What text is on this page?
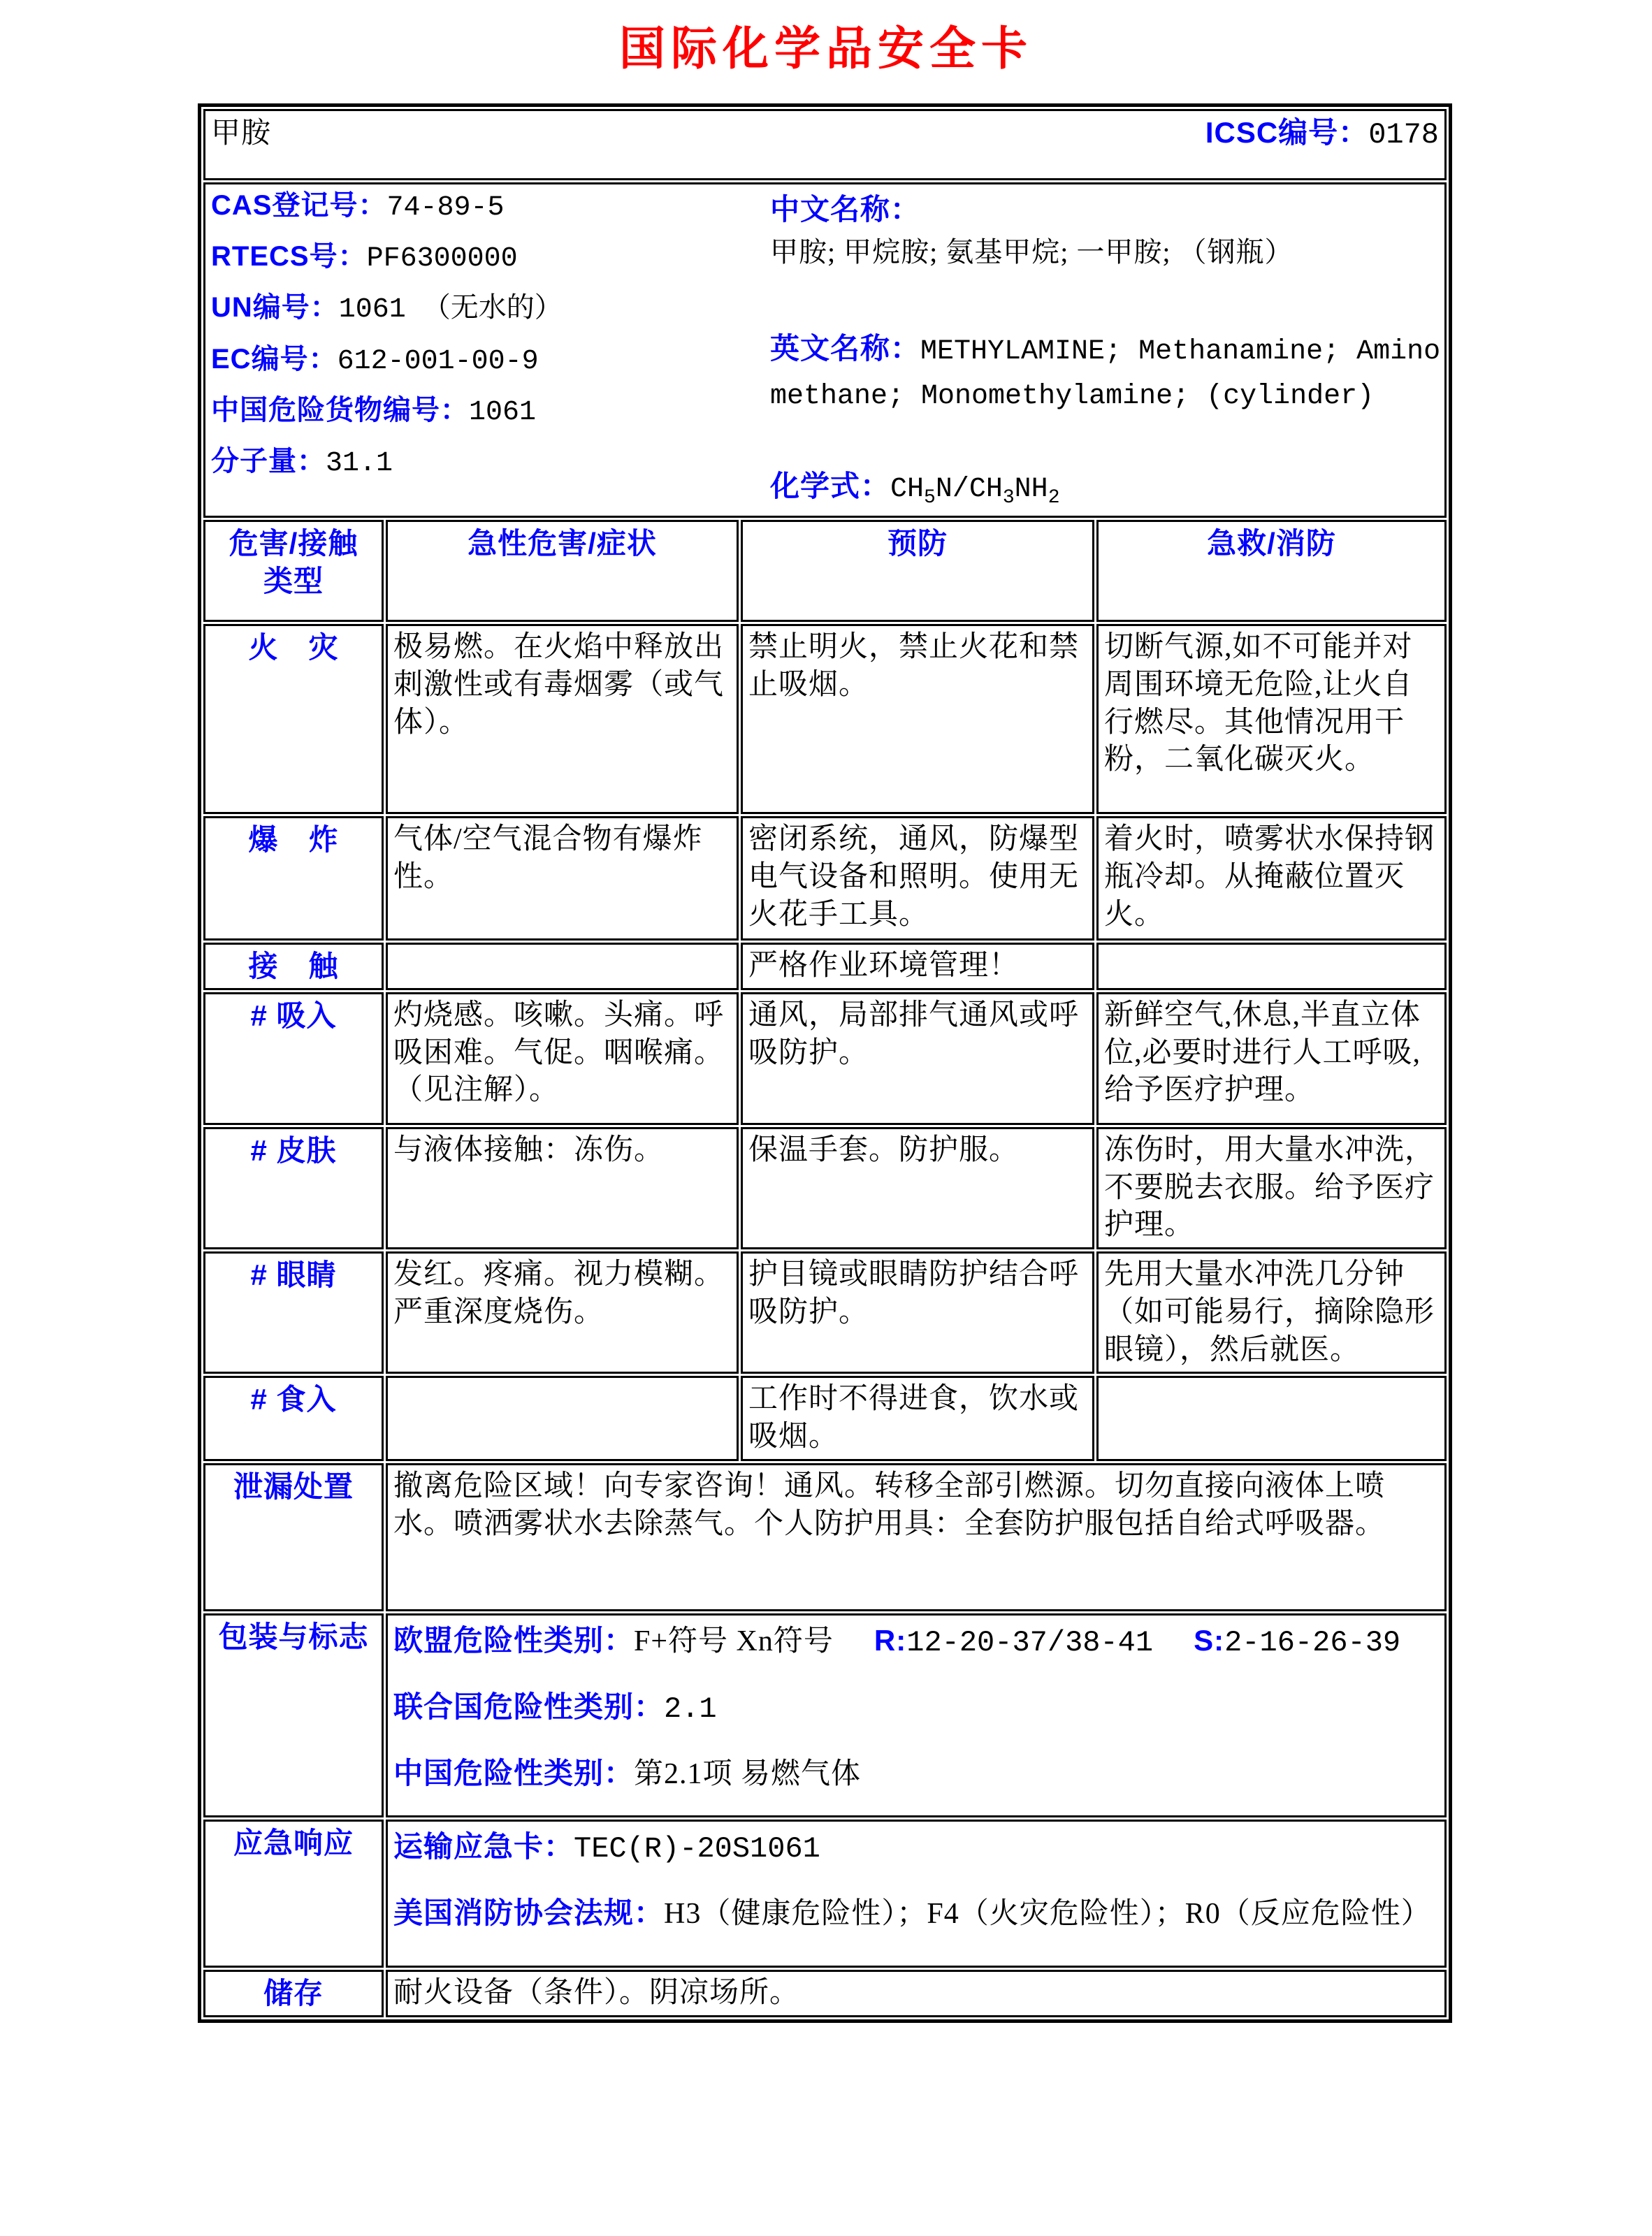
国际化学品安全卡
甲胺 ICSC编号：0178			

CAS登记号：74-89-5
RTECS号：PF6300000
UN编号：1061 （无水的）
EC编号：612-001-00-9
中国危险货物编号：1061
分子量：31.1
中文名称：甲胺; 甲烷胺; 氨基甲烷; 一甲胺; （钢瓶）
英文名称：METHYLAMINE; Methanamine; Aminomethane; Monomethylamine; (cylinder)
化学式：$CH_5N/CH_3NH_2$

危害/接触
类型	急性危害/症状	预防	急救/消防
火　灾	极易燃。在火焰中释放出刺激性或有毒烟雾（或气体）。	禁止明火，禁止火花和禁止吸烟。	切断气源,如不可能并对周围环境无危险,让火自行燃尽。其他情况用干粉，二氧化碳灭火。
爆　炸	气体/空气混合物有爆炸性。	密闭系统，通风，防爆型电气设备和照明。使用无火花手工具。	着火时，喷雾状水保持钢瓶冷却。从掩蔽位置灭火。
接　触		严格作业环境管理！	
# 吸入	灼烧感。咳嗽。头痛。呼吸困难。气促。咽喉痛。（见注解）。	通风，局部排气通风或呼吸防护。	新鲜空气,休息,半直立体位,必要时进行人工呼吸,给予医疗护理。
# 皮肤	与液体接触：冻伤。	保温手套。防护服。	冻伤时，用大量水冲洗，不要脱去衣服。给予医疗护理。
# 眼睛	发红。疼痛。视力模糊。严重深度烧伤。	护目镜或眼睛防护结合呼吸防护。	先用大量水冲洗几分钟（如可能易行，摘除隐形眼镜），然后就医。
# 食入		工作时不得进食，饮水或吸烟。	
泄漏处置	撤离危险区域！向专家咨询！通风。转移全部引燃源。切勿直接向液体上喷水。喷洒雾状水去除蒸气。个人防护用具：全套防护服包括自给式呼吸器。		
包装与标志	欧盟危险性类别：F+符号 Xn符号 R:12-20-37/38-41 S:2-16-26-39
联合国危险性类别：2.1
中国危险性类别：第2.1项 易燃气体		

应急响应	运输应急卡：TEC(R)-20S1061
美国消防协会法规：H3（健康危险性）；F4（火灾危险性）；R0（反应危险性）		

储存	耐火设备（条件）。阴凉场所。		
